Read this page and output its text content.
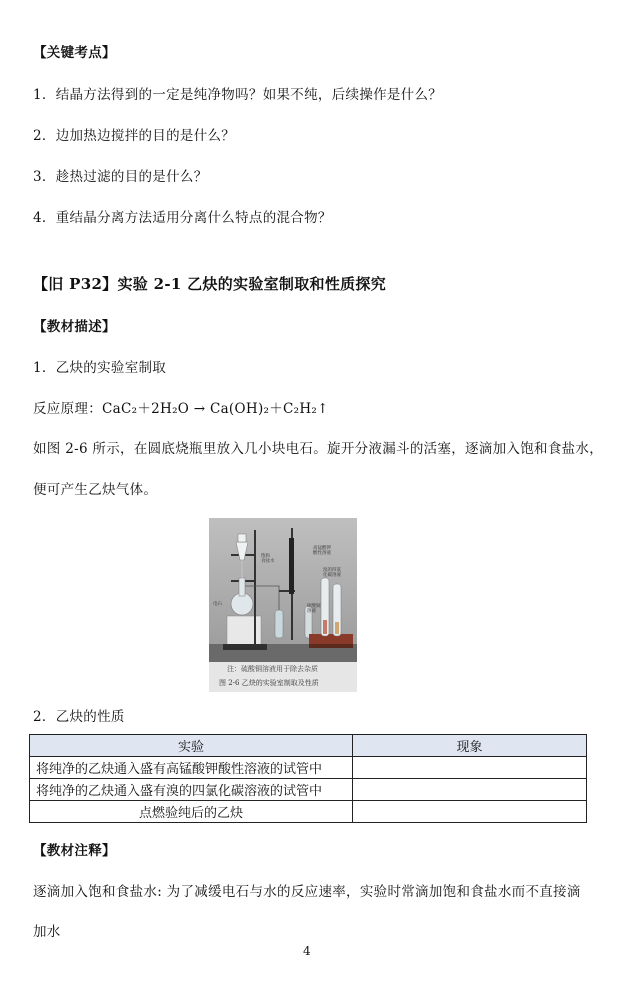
【关键考点】
1．结晶方法得到的一定是纯净物吗？如果不纯，后续操作是什么？
2．边加热边搅拌的目的是什么？
3．趁热过滤的目的是什么？
4．重结晶分离方法适用分离什么特点的混合物？
【旧 P32】实验 2-1 乙炔的实验室制取和性质探究
【教材描述】
1．乙炔的实验室制取
反应原理：CaC₂＋2H₂O → Ca(OH)₂＋C₂H₂↑
如图 2-6 所示，在圆底烧瓶里放入几小块电石。旋开分液漏斗的活塞，逐滴加入饱和食盐水，
便可产生乙炔气体。
饱和
食盐水
高锰酸钾
酸性溶液
溴的四氯
化碳溶液
硫酸铜
溶液
电石
注：硫酸铜溶液用于除去杂质
图 2-6 乙炔的实验室制取及性质
2．乙炔的性质
实验	现象
将纯净的乙炔通入盛有高锰酸钾酸性溶液的试管中	
将纯净的乙炔通入盛有溴的四氯化碳溶液的试管中	
点燃验纯后的乙炔	
【教材注释】
逐滴加入饱和食盐水: 为了减缓电石与水的反应速率，实验时常滴加饱和食盐水而不直接滴
加水
4
